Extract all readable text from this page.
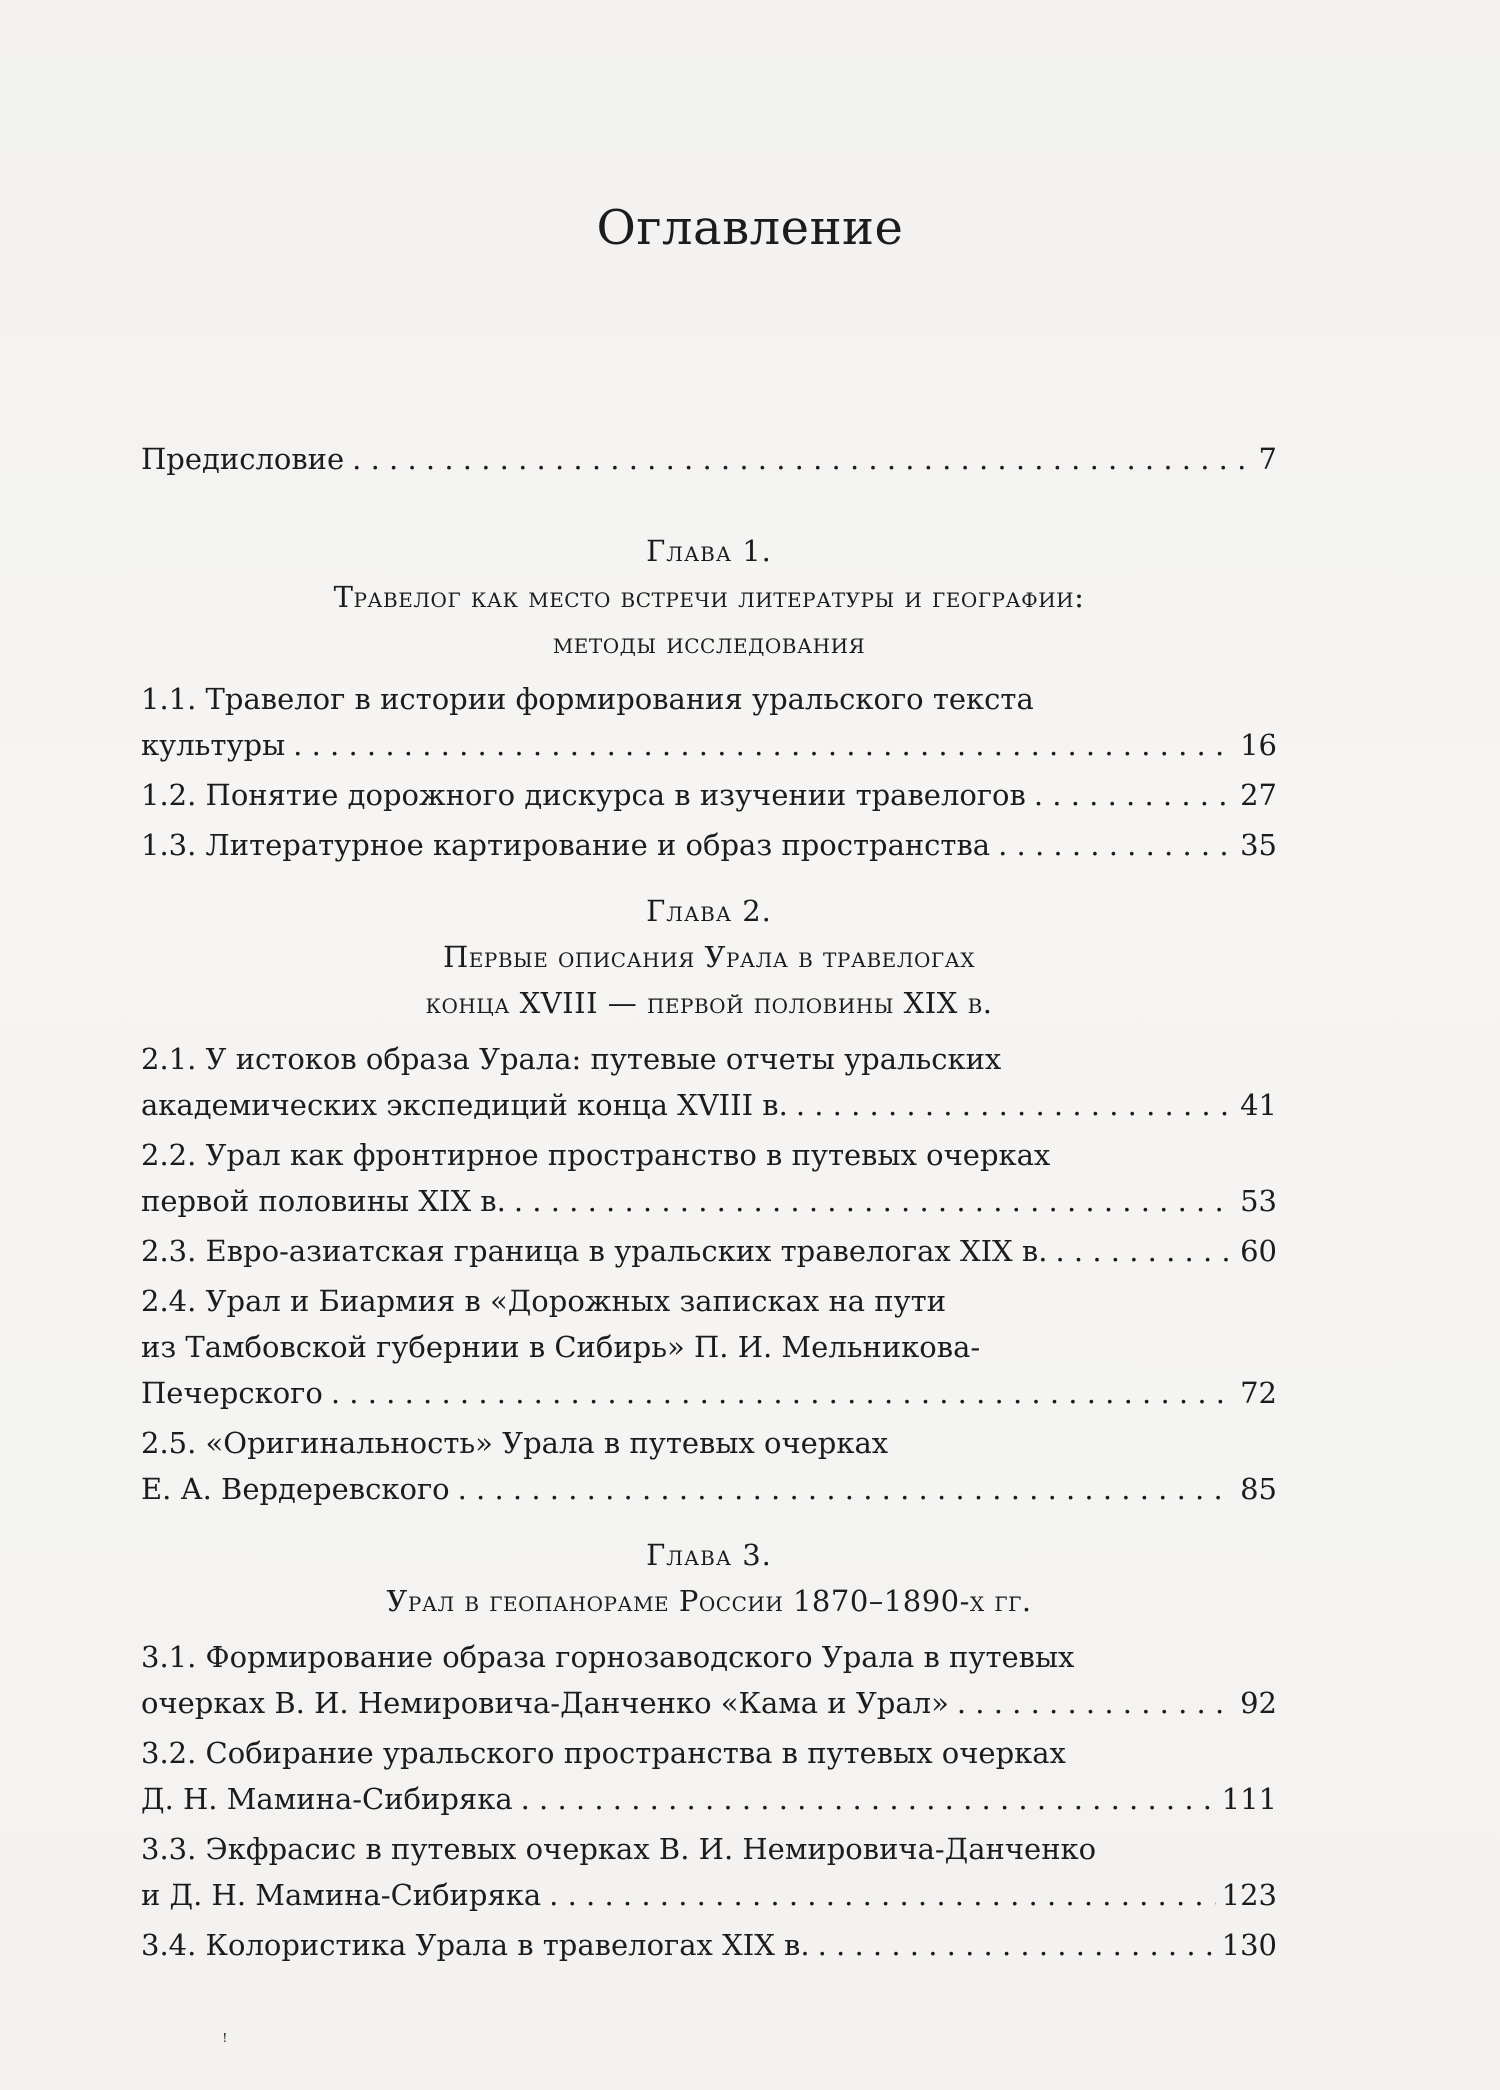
Оглавление
Предисловие . . .	7
Глава 1.
Травелог как место встречи литературы и географии:
методы исследования
1.1. Травелог в истории формирования уральского текста
культуры . . .	16
1.2. Понятие дорожного дискурса в изучении травелогов . . .	27
1.3. Литературное картирование и образ пространства . . .	35
Глава 2.
Первые описания Урала в травелогах
конца XVIII — первой половины XIX в.
2.1. У истоков образа Урала: путевые отчеты уральских
академических экспедиций конца XVIII в. . . .	41
2.2. Урал как фронтирное пространство в путевых очерках
первой половины XIX в. . . .	53
2.3. Евро-азиатская граница в уральских травелогах XIX в. . . .	60
2.4. Урал и Биармия в «Дорожных записках на пути
из Тамбовской губернии в Сибирь» П. И. Мельникова-
Печерского . . .	72
2.5. «Оригинальность» Урала в путевых очерках
Е. А. Вердеревского . . .	85
Глава 3.
Урал в геопанораме России 1870–1890-х гг.
3.1. Формирование образа горнозаводского Урала в путевых
очерках В. И. Немировича-Данченко «Кама и Урал» . . .	92
3.2. Собирание уральского пространства в путевых очерках
Д. Н. Мамина-Сибиряка . . .	111
3.3. Экфрасис в путевых очерках В. И. Немировича-Данченко
и Д. Н. Мамина-Сибиряка . . .	123
3.4. Колористика Урала в травелогах XIX в. . . .	130
ꜝ
